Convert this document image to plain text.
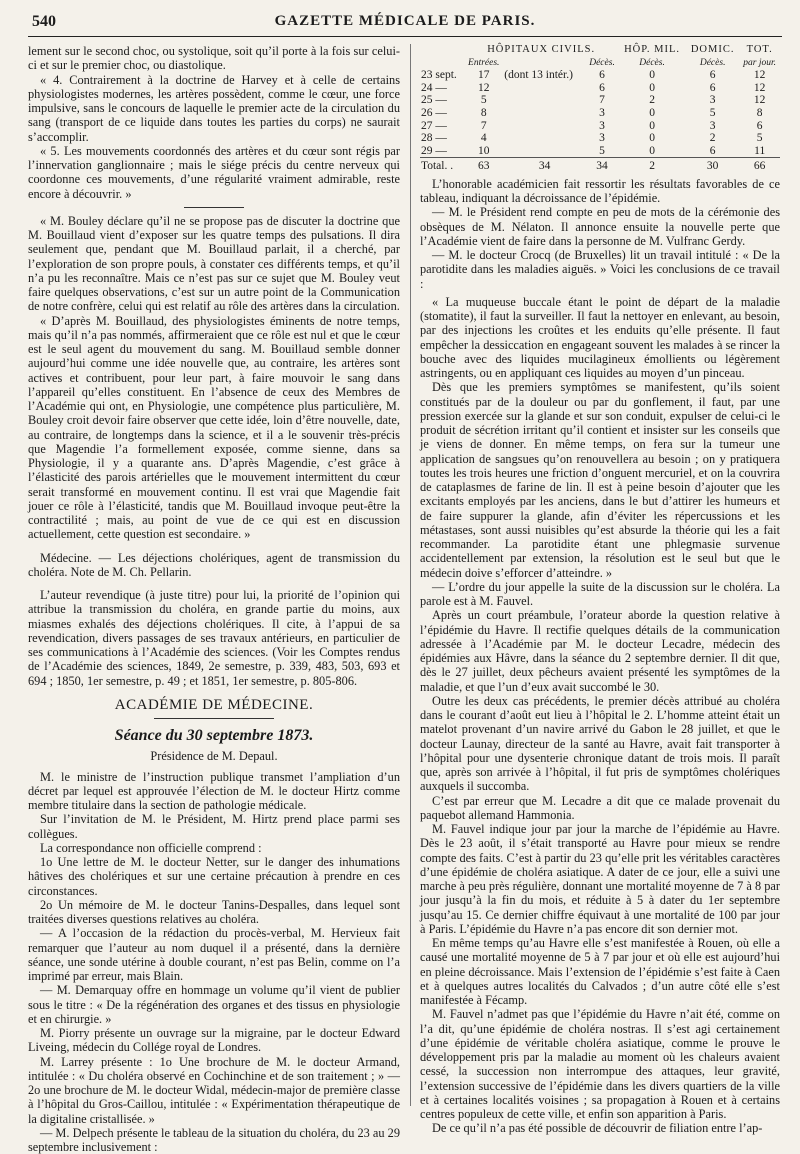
540	GAZETTE MÉDICALE DE PARIS.

lement sur le second choc, ou systolique, soit qu’il porte à la fois sur celui-ci et sur le premier choc, ou diastolique.

« 4. Contrairement à la doctrine de Harvey et à celle de certains physiologistes modernes, les artères possèdent, comme le cœur, une force impulsive, sans le concours de laquelle le premier acte de la circulation du sang (transport de ce liquide dans toutes les parties du corps) ne saurait s’accomplir.

« 5. Les mouvements coordonnés des artères et du cœur sont régis par l’innervation ganglionnaire ; mais le siége précis du centre nerveux qui coordonne ces mouvements, d’une régularité vraiment admirable, reste encore à découvrir. »

« M. Bouley déclare qu’il ne se propose pas de discuter la doctrine que M. Bouillaud vient d’exposer sur les quatre temps des pulsations. Il dira seulement que, pendant que M. Bouillaud parlait, il a cherché, par l’exploration de son propre pouls, à constater ces différents temps, et qu’il n’a pu les reconnaître. Mais ce n’est pas sur ce sujet que M. Bouley veut faire quelques observations, c’est sur un autre point de la Communication de notre confrère, celui qui est relatif au rôle des artères dans la circulation.

« D’après M. Bouillaud, des physiologistes éminents de notre temps, mais qu’il n’a pas nommés, affirmeraient que ce rôle est nul et que le cœur est le seul agent du mouvement du sang. M. Bouillaud semble donner aujourd’hui comme une idée nouvelle que, au contraire, les artères sont actives et contribuent, pour leur part, à faire mouvoir le sang dans l’appareil qu’elles constituent. En l’absence de ceux des Membres de l’Académie qui ont, en Physiologie, une compétence plus particulière, M. Bouley croit devoir faire observer que cette idée, loin d’être nouvelle, date, au contraire, de longtemps dans la science, et il a le souvenir très-précis que Magendie l’a formellement exposée, comme sienne, dans sa Physiologie, il y a quarante ans. D’après Magendie, c’est grâce à l’élasticité des parois artérielles que le mouvement intermittent du cœur serait transformé en mouvement continu. Il est vrai que Magendie fait jouer ce rôle à l’élasticité, tandis que M. Bouillaud invoque peut-être la contractilité ; mais, au point de vue de ce qui est en discussion actuellement, cette question est secondaire. »

Médecine. — Les déjections cholériques, agent de transmission du choléra. Note de M. Ch. Pellarin.

L’auteur revendique (à juste titre) pour lui, la priorité de l’opinion qui attribue la transmission du choléra, en grande partie du moins, aux miasmes exhalés des déjections cholériques. Il cite, à l’appui de sa revendication, divers passages de ses travaux antérieurs, en particulier de ses communications à l’Académie des sciences. (Voir les Comptes rendus de l’Académie des sciences, 1849, 2e semestre, p. 339, 483, 503, 693 et 694 ; 1850, 1er semestre, p. 49 ; et 1851, 1er semestre, p. 805-806.

ACADÉMIE DE MÉDECINE.
Séance du 30 septembre 1873.
Présidence de M. Depaul.

M. le ministre de l’instruction publique transmet l’ampliation d’un décret par lequel est approuvée l’élection de M. le docteur Hirtz comme membre titulaire dans la section de pathologie médicale.

Sur l’invitation de M. le Président, M. Hirtz prend place parmi ses collègues.

La correspondance non officielle comprend :

1o Une lettre de M. le docteur Netter, sur le danger des inhumations hâtives des cholériques et sur une certaine précaution à prendre en ces circonstances.

2o Un mémoire de M. le docteur Tanins-Despalles, dans lequel sont traitées diverses questions relatives au choléra.

— A l’occasion de la rédaction du procès-verbal, M. Hervieux fait remarquer que l’auteur au nom duquel il a présenté, dans la dernière séance, une sonde utérine à double courant, n’est pas Belin, comme on l’a imprimé par erreur, mais Blain.

— M. Demarquay offre en hommage un volume qu’il vient de publier sous le titre : « De la régénération des organes et des tissus en physiologie et en chirurgie. »

M. Piorry présente un ouvrage sur la migraine, par le docteur Edward Liveing, médecin du Collége royal de Londres.

M. Larrey présente : 1o Une brochure de M. le docteur Armand, intitulée : « Du choléra observé en Cochinchine et de son traitement ; » — 2o une brochure de M. le docteur Widal, médecin-major de première classe à l’hôpital du Gros-Caillou, intitulée : « Expérimentation thérapeutique de la digitaline cristallisée. »

— M. Delpech présente le tableau de la situation du choléra, du 23 au 29 septembre inclusivement :

	HÔPITAUX CIVILS.			HÔP. MIL.	DOMIC.	TOT.
	Entrées.		Décès.	Décès.	Décès.	par jour.
23 sept.	17	(dont 13 intér.)	6	0	6	12
24 —	12		6	0	6	12
25 —	5		7	2	3	12
26 —	8		3	0	5	8
27 —	7		3	0	3	6
28 —	4		3	0	2	5
29 —	10		5	0	6	11
Total. .	63	34	34	2	30	66

L’honorable académicien fait ressortir les résultats favorables de ce tableau, indiquant la décroissance de l’épidémie.

— M. le Président rend compte en peu de mots de la cérémonie des obsèques de M. Nélaton. Il annonce ensuite la nouvelle perte que l’Académie vient de faire dans la personne de M. Vulfranc Gerdy.

— M. le docteur Crocq (de Bruxelles) lit un travail intitulé : « De la parotidite dans les maladies aiguës. » Voici les conclusions de ce travail :

« La muqueuse buccale étant le point de départ de la maladie (stomatite), il faut la surveiller. Il faut la nettoyer en enlevant, au besoin, par des injections les croûtes et les enduits qu’elle présente. Il faut empêcher la dessiccation en engageant souvent les malades à se rincer la bouche avec des liquides mucilagineux émollients ou légèrement astringents, ou en appliquant ces liquides au moyen d’un pinceau.

Dès que les premiers symptômes se manifestent, qu’ils soient constitués par de la douleur ou par du gonflement, il faut, par une pression exercée sur la glande et sur son conduit, expulser de celui-ci le produit de sécrétion irritant qu’il contient et insister sur les conseils que je viens de donner. En même temps, on fera sur la tumeur une application de sangsues qu’on renouvellera au besoin ; on y pratiquera toutes les trois heures une friction d’onguent mercuriel, et on la couvrira de cataplasmes de farine de lin. Il est à peine besoin d’ajouter que les excitants employés par les anciens, dans le but d’attirer les humeurs et de faire suppurer la glande, afin d’éviter les répercussions et les métastases, sont aussi nuisibles qu’est absurde la théorie qui les a fait recommander. La parotidite étant une phlegmasie survenue accidentellement par extension, la résolution est le seul but que le médecin doive s’efforcer d’atteindre. »

— L’ordre du jour appelle la suite de la discussion sur le choléra. La parole est à M. Fauvel.

Après un court préambule, l’orateur aborde la question relative à l’épidémie du Havre. Il rectifie quelques détails de la communication adressée à l’Académie par M. le docteur Lecadre, médecin des épidémies aux Hâvre, dans la séance du 2 septembre dernier. Il dit que, dès le 27 juillet, deux pêcheurs avaient présenté les symptômes de la maladie, et que l’un d’eux avait succombé le 30.

Outre les deux cas précédents, le premier décès attribué au choléra dans le courant d’août eut lieu à l’hôpital le 2. L’homme atteint était un matelot provenant d’un navire arrivé du Gabon le 28 juillet, et que le docteur Launay, directeur de la santé au Havre, avait fait transporter à l’hôpital pour une dysenterie chronique datant de trois mois. Il paraît que, après son arrivée à l’hôpital, il fut pris de symptômes cholériques auxquels il succomba.

C’est par erreur que M. Lecadre a dit que ce malade provenait du paquebot allemand Hammonia.

M. Fauvel indique jour par jour la marche de l’épidémie au Havre. Dès le 23 août, il s’était transporté au Havre pour mieux se rendre compte des faits. C’est à partir du 23 qu’elle prit les véritables caractères d’une épidémie de choléra asiatique. A dater de ce jour, elle a suivi une marche à peu près régulière, donnant une mortalité moyenne de 7 à 8 par jour jusqu’à la fin du mois, et réduite à 5 à dater du 1er septembre jusqu’au 15. Ce dernier chiffre équivaut à une mortalité de 100 par jour à Paris. L’épidémie du Havre n’a pas encore dit son dernier mot.

En même temps qu’au Havre elle s’est manifestée à Rouen, où elle a causé une mortalité moyenne de 5 à 7 par jour et où elle est aujourd’hui en pleine décroissance. Mais l’extension de l’épidémie s’est faite à Caen et à quelques autres localités du Calvados ; d’un autre côté elle s’est manifestée à Fécamp.

M. Fauvel n’admet pas que l’épidémie du Havre n’ait été, comme on l’a dit, qu’une épidémie de choléra nostras. Il s’est agi certainement d’une épidémie de véritable choléra asiatique, comme le prouve le développement pris par la maladie au moment où les chaleurs avaient cessé, la succession non interrompue des attaques, leur gravité, l’extension successive de l’épidémie dans les divers quartiers de la ville et à certaines localités voisines ; sa propagation à Rouen et à certains centres populeux de cette ville, et enfin son apparition à Paris.

De ce qu’il n’a pas été possible de découvrir de filiation entre l’ap-
